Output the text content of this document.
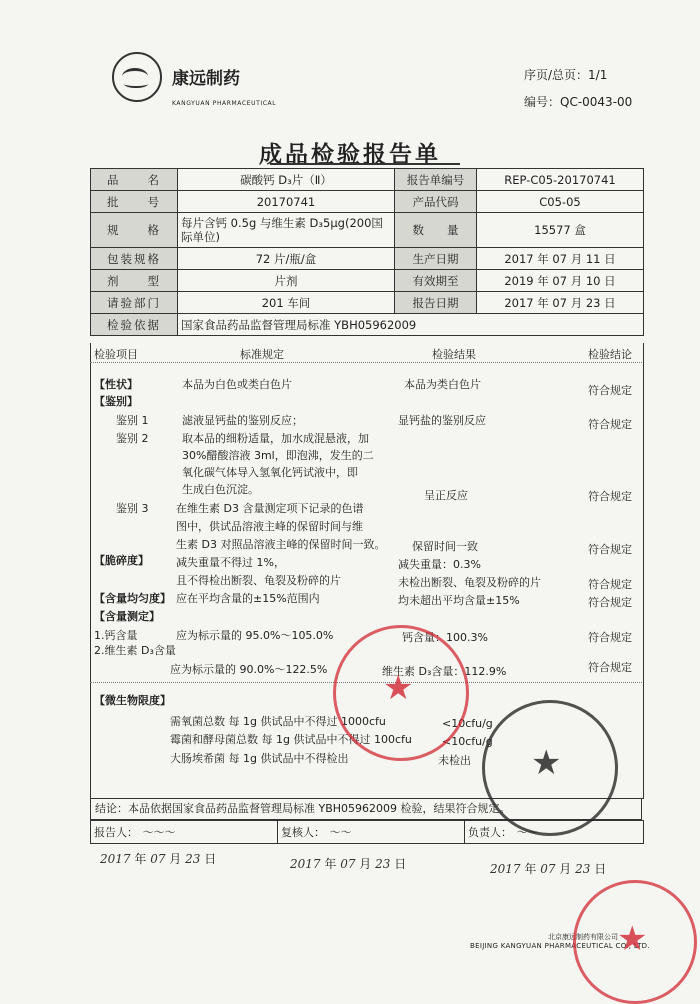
康远制药
KANGYUAN PHARMACEUTICAL
序页/总页：1/1
编号：QC-0043-00
成品检验报告单
品　　名	碳酸钙 D₃片（Ⅱ）	报告单编号	REP-C05-20170741
批　　号	20170741	产品代码	C05-05
规　　格	每片含钙 0.5g 与维生素 D₃5μg(200国际单位)	数　　量	15577 盒
包装规格	72 片/瓶/盒	生产日期	2017 年 07 月 11 日
剂　　型	片剂	有效期至	2019 年 07 月 10 日
请验部门	201 车间	报告日期	2017 年 07 月 23 日
检验依据	国家食品药品监督管理局标准 YBH05962009		
检验项目	标准规定	检验结果	检验结论
【性状】	本品为白色或类白色片	本品为类白色片	符合规定
【鉴别】
鉴别 1	滤液显钙盐的鉴别反应；	显钙盐的鉴别反应	符合规定
鉴别 2	取本品的细粉适量，加水成混悬液，加
30%醋酸溶液 3ml，即泡沸，发生的二
氧化碳气体导入氢氧化钙试液中，即
生成白色沉淀。	呈正反应	符合规定
鉴别 3	在维生素 D3 含量测定项下记录的色谱
图中，供试品溶液主峰的保留时间与维
生素 D3 对照品溶液主峰的保留时间一致。 保留时间一致	符合规定
【脆碎度】 减失重量不得过 1%，	减失重量：0.3%
且不得检出断裂、龟裂及粉碎的片	未检出断裂、龟裂及粉碎的片	符合规定
【含量均匀度】 应在平均含量的±15%范围内	均未超出平均含量±15%	符合规定
【含量测定】
1.钙含量	应为标示量的 95.0%～105.0%	钙含量：100.3%	符合规定
2.维生素 D₃含量
应为标示量的 90.0%～122.5%	维生素 D₃含量：112.9%	符合规定
【微生物限度】
需氧菌总数 每 1g 供试品中不得过 1000cfu	<10cfu/g
霉菌和酵母菌总数 每 1g 供试品中不得过 100cfu	<10cfu/g
大肠埃希菌 每 1g 供试品中不得检出	未检出
结论：本品依据国家食品药品监督管理局标准 YBH05962009 检验，结果符合规定。
报告人： 〜〜〜	复核人： 〜〜	负责人： 〜〜
2017 年 07 月 23 日	2017 年 07 月 23 日	2017 年 07 月 23 日
北京康远制药有限公司
BEIJING KANGYUAN PHARMACEUTICAL CO., LTD.
★
★
★
